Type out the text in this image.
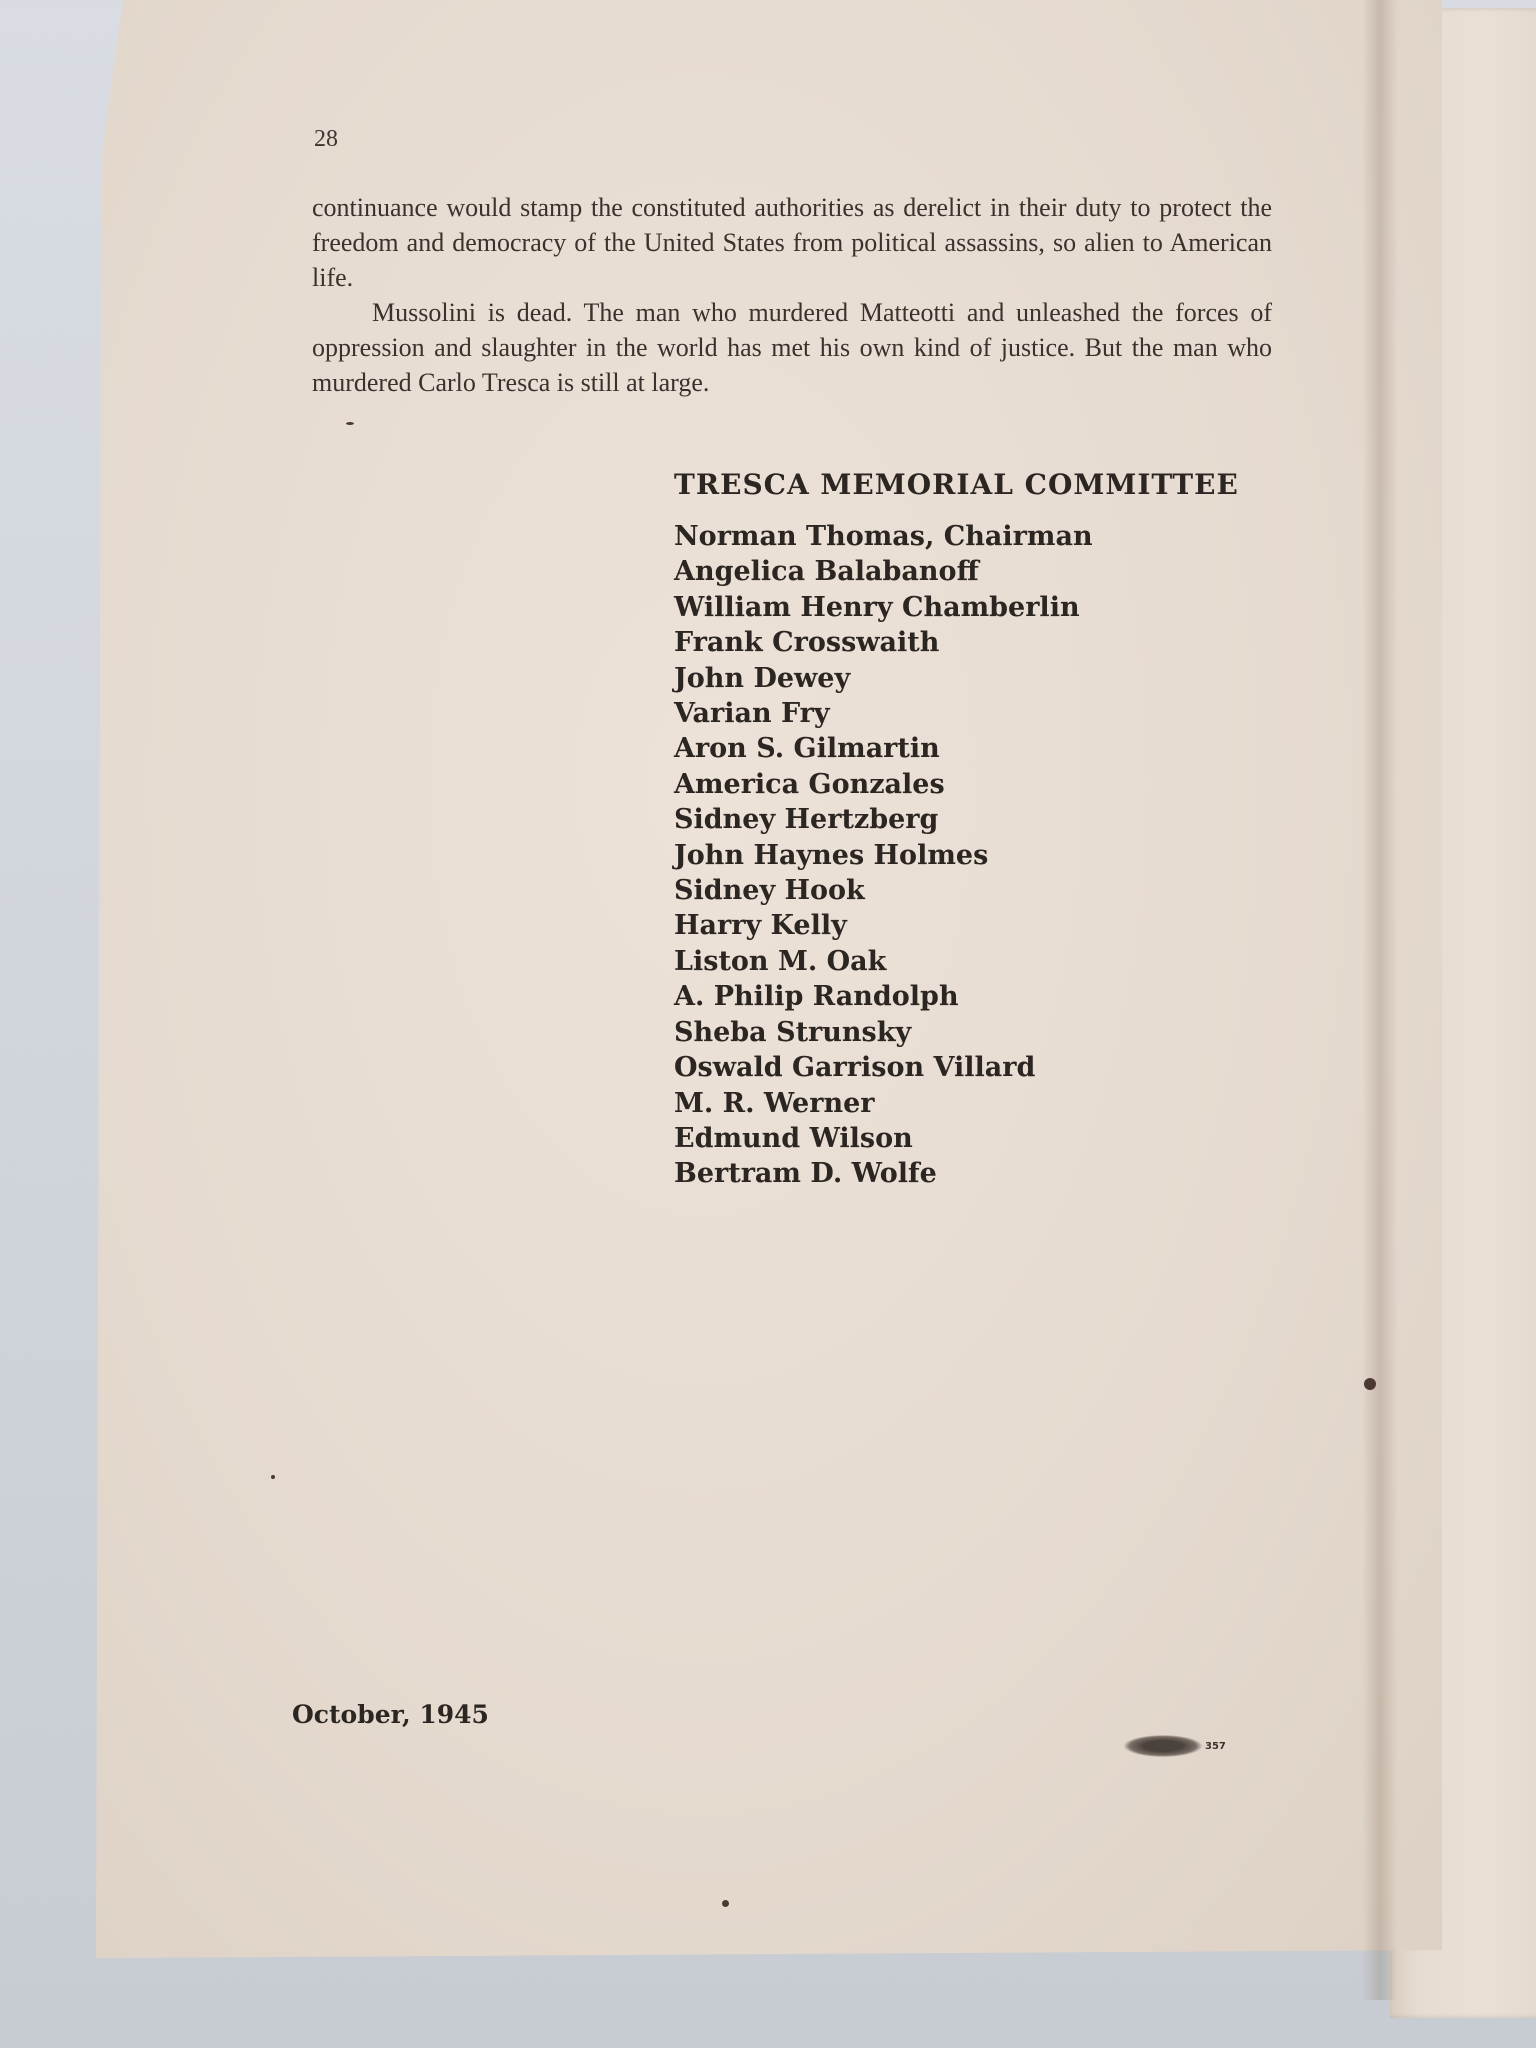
28

continuance would stamp the constituted authorities as derelict in their duty to protect the freedom and democracy of the United States from political assassins, so alien to American life.

Mussolini is dead. The man who murdered Matteotti and unleashed the forces of oppression and slaughter in the world has met his own kind of justice. But the man who murdered Carlo Tresca is still at large.

TRESCA MEMORIAL COMMITTEE
Norman Thomas, Chairman
Angelica Balabanoff
William Henry Chamberlin
Frank Crosswaith
John Dewey
Varian Fry
Aron S. Gilmartin
America Gonzales
Sidney Hertzberg
John Haynes Holmes
Sidney Hook
Harry Kelly
Liston M. Oak
A. Philip Randolph
Sheba Strunsky
Oswald Garrison Villard
M. R. Werner
Edmund Wilson
Bertram D. Wolfe
October, 1945
357
